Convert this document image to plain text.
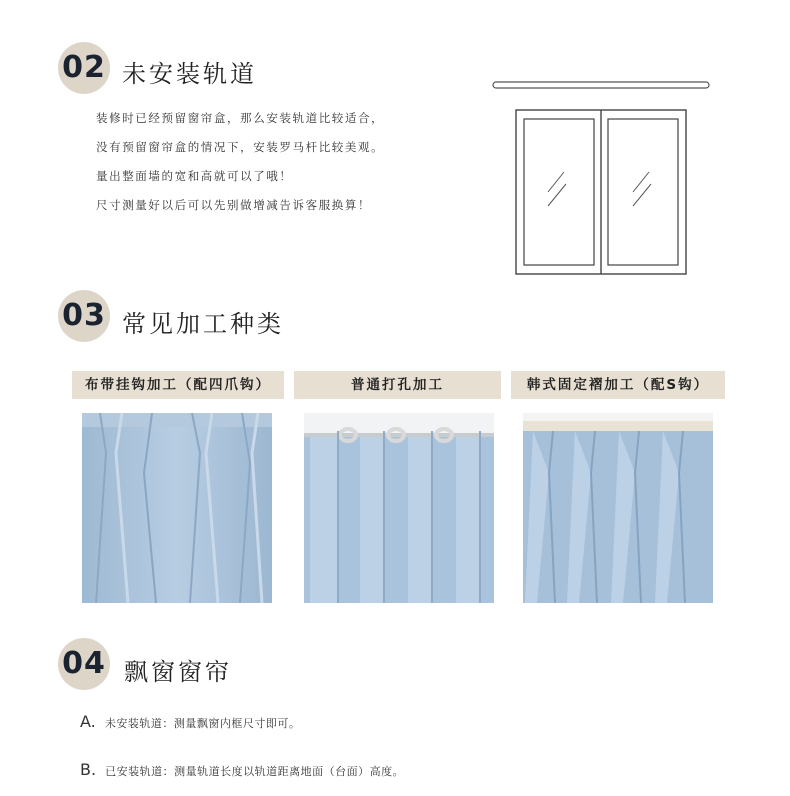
02 未安装轨道
装修时已经预留窗帘盒，那么安装轨道比较适合，
没有预留窗帘盒的情况下，安装罗马杆比较美观。
量出整面墙的宽和高就可以了哦！
尺寸测量好以后可以先别做增减告诉客服换算！
03 常见加工种类
布带挂钩加工（配四爪钩）	普通打孔加工	韩式固定褶加工（配S钩）
04 飘窗窗帘
A. 未安装轨道：测量飘窗内框尺寸即可。
B. 已安装轨道：测量轨道长度以轨道距离地面（台面）高度。
